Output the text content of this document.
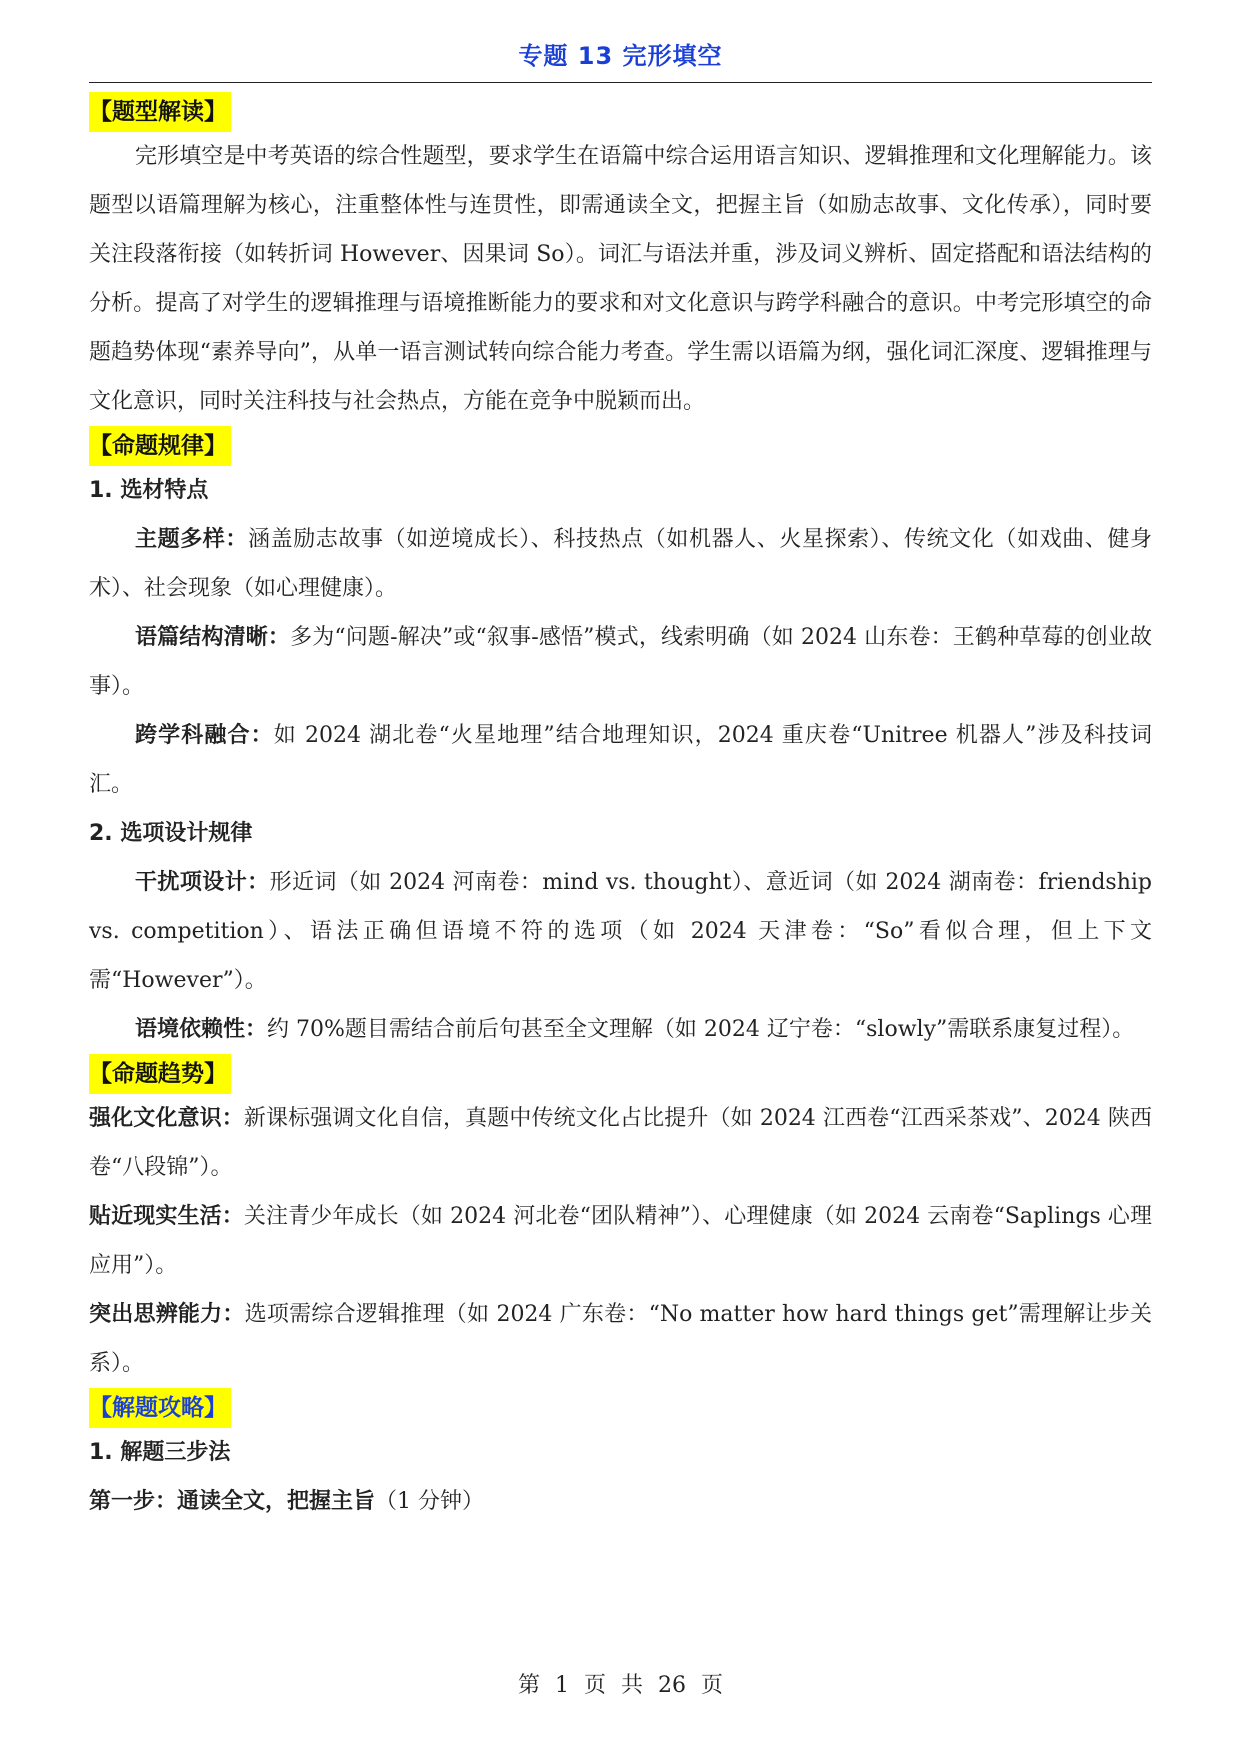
专题 13 完形填空
【题型解读】

完形填空是中考英语的综合性题型，要求学生在语篇中综合运用语言知识、逻辑推理和文化理解能力。该题型以语篇理解为核心，注重整体性与连贯性，即需通读全文，把握主旨（如励志故事、文化传承），同时要关注段落衔接（如转折词 However、因果词 So）。词汇与语法并重，涉及词义辨析、固定搭配和语法结构的分析。提高了对学生的逻辑推理与语境推断能力的要求和对文化意识与跨学科融合的意识。中考完形填空的命题趋势体现“素养导向”，从单一语言测试转向综合能力考查。学生需以语篇为纲，强化词汇深度、逻辑推理与文化意识，同时关注科技与社会热点，方能在竞争中脱颖而出。

【命题规律】
1. 选材特点

主题多样：涵盖励志故事（如逆境成长）、科技热点（如机器人、火星探索）、传统文化（如戏曲、健身术）、社会现象（如心理健康）。

语篇结构清晰：多为“问题-解决”或“叙事-感悟”模式，线索明确（如 2024 山东卷：王鹤种草莓的创业故事）。

跨学科融合：如 2024 湖北卷“火星地理”结合地理知识，2024 重庆卷“Unitree 机器人”涉及科技词汇。

2. 选项设计规律

干扰项设计：形近词（如 2024 河南卷：mind vs. thought）、意近词（如 2024 湖南卷：friendship vs. competition）、语法正确但语境不符的选项（如 2024 天津卷：“So”看似合理，但上下文需“However”）。

语境依赖性：约 70%题目需结合前后句甚至全文理解（如 2024 辽宁卷：“slowly”需联系康复过程）。

【命题趋势】

强化文化意识：新课标强调文化自信，真题中传统文化占比提升（如 2024 江西卷“江西采茶戏”、2024 陕西卷“八段锦”）。

贴近现实生活：关注青少年成长（如 2024 河北卷“团队精神”）、心理健康（如 2024 云南卷“Saplings 心理应用”）。

突出思辨能力：选项需综合逻辑推理（如 2024 广东卷：“No matter how hard things get”需理解让步关系）。

【解题攻略】
1. 解题三步法

第一步：通读全文，把握主旨（1 分钟）

第 1 页 共 26 页
